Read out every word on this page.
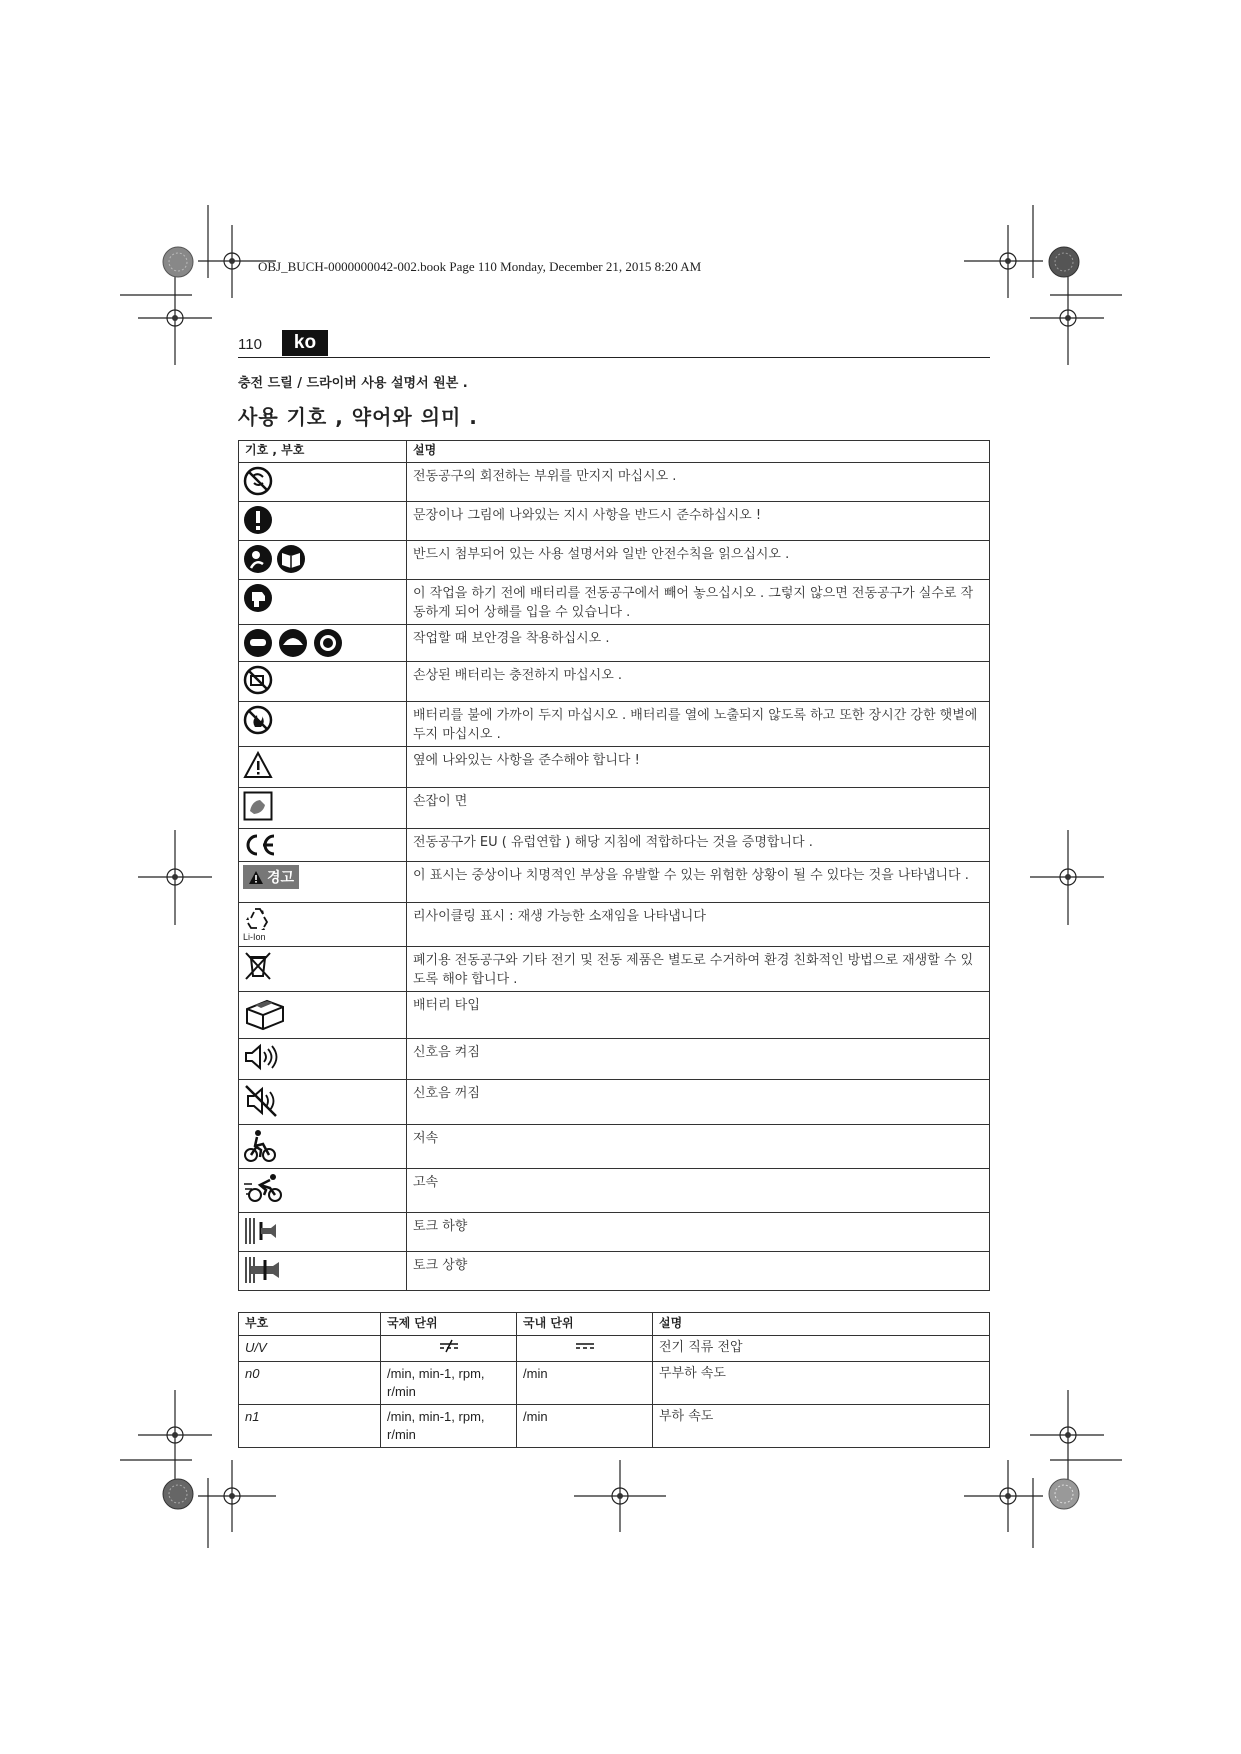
OBJ_BUCH-0000000042-002.book Page 110 Monday, December 21, 2015 8:20 AM
110	ko
충전 드릴 / 드라이버 사용 설명서 원본 .
사용 기호 , 약어와 의미 .
기호 , 부호	설명

	전동공구의 회전하는 부위를 만지지 마십시오 .

	문장이나 그림에 나와있는 지시 사항을 반드시 준수하십시오 !

	반드시 첨부되어 있는 사용 설명서와 일반 안전수칙을 읽으십시오 .

	이 작업을 하기 전에 배터리를 전동공구에서 빼어 놓으십시오 . 그렇지 않으면 전동공구가 실수로 작동하게 되어 상해를 입을 수 있습니다 .

	작업할 때 보안경을 착용하십시오 .

	손상된 배터리는 충전하지 마십시오 .

	배터리를 불에 가까이 두지 마십시오 . 배터리를 열에 노출되지 않도록 하고 또한 장시간 강한 햇볕에 두지 마십시오 .

	옆에 나와있는 사항을 준수해야 합니다 !

	손잡이 면

	전동공구가 EU ( 유럽연합 ) 해당 지침에 적합하다는 것을 증명합니다 .

경고	이 표시는 중상이나 치명적인 부상을 유발할 수 있는 위험한 상황이 될 수 있다는 것을 나타냅니다 .

Li-Ion	리사이클링 표시 : 재생 가능한 소재임을 나타냅니다

	폐기용 전동공구와 기타 전기 및 전동 제품은 별도로 수거하여 환경 친화적인 방법으로 재생할 수 있도록 해야 합니다 .

	배터리 타입

	신호음 켜짐

	신호음 꺼짐

	저속

	고속

	토크 하향

	토크 상향
부호	국제 단위	국내 단위	설명
U/V			전기 직류 전압
n0	/min, min-1, rpm, r/min	/min	무부하 속도
n1	/min, min-1, rpm, r/min	/min	부하 속도
